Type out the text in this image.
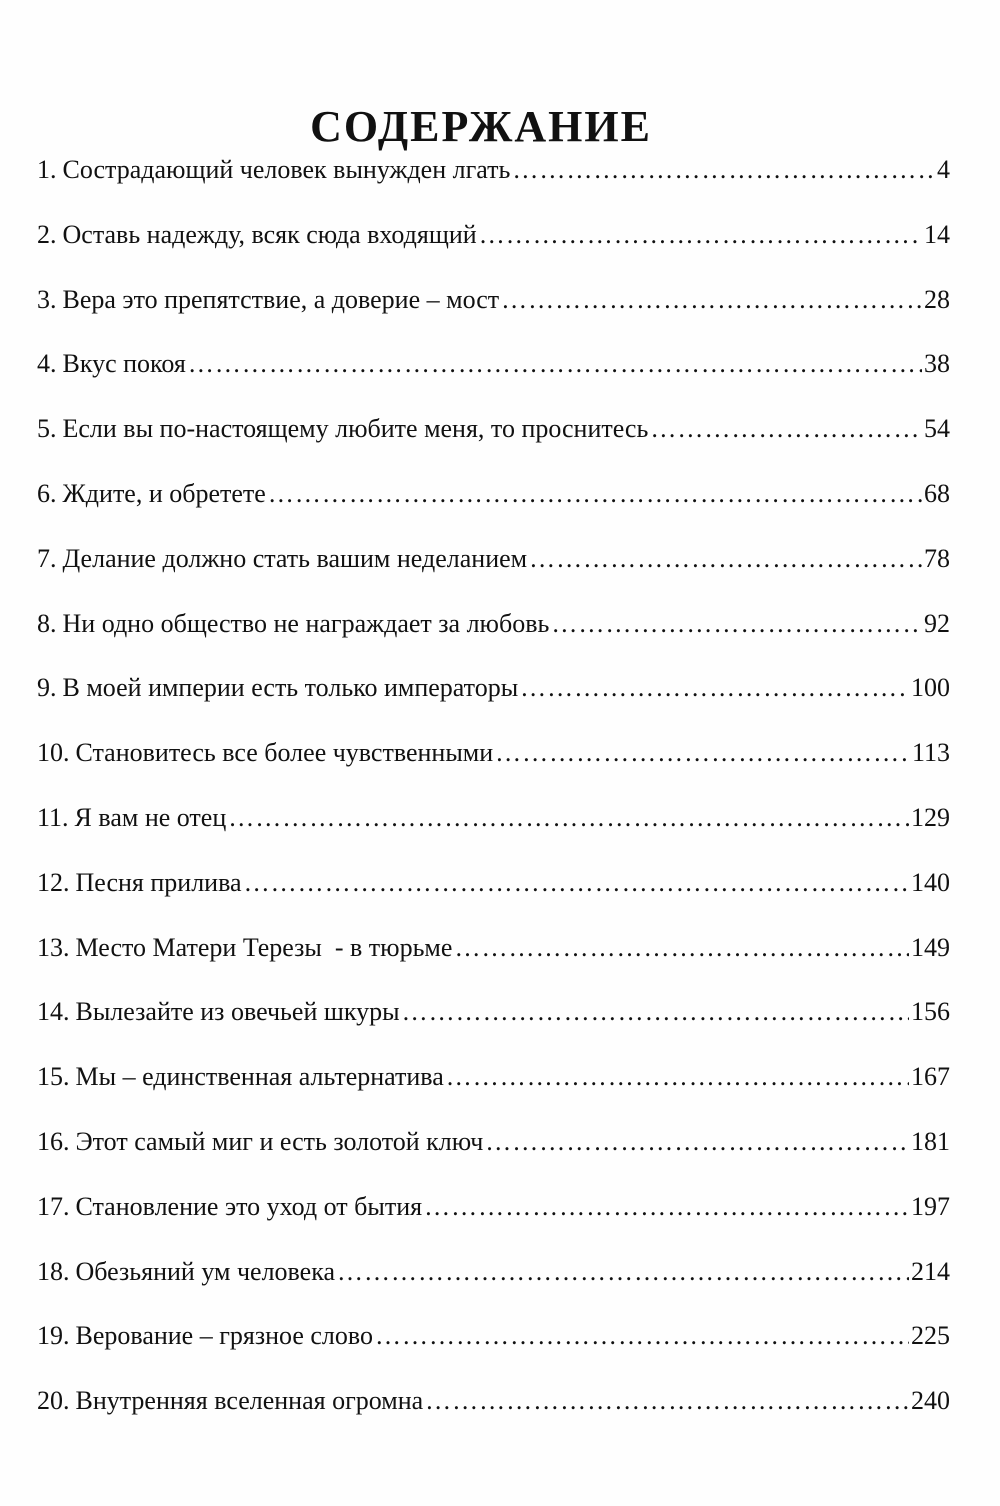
СОДЕРЖАНИЕ
1. Сострадающий человек вынужден лгать ………………………………………………………………………………………………………………………………………………	4
2. Оставь надежду, всяк сюда входящий ………………………………………………………………………………………………………………………………………………	14
3. Вера это препятствие, а доверие – мост ………………………………………………………………………………………………………………………………………………	28
4. Вкус покоя ………………………………………………………………………………………………………………………………………………	38
5. Если вы по-настоящему любите меня, то проснитесь ………………………………………………………………………………………………………………………………………………	54
6. Ждите, и обретете ………………………………………………………………………………………………………………………………………………	68
7. Делание должно стать вашим неделанием ………………………………………………………………………………………………………………………………………………	78
8. Ни одно общество не награждает за любовь ………………………………………………………………………………………………………………………………………………	92
9. В моей империи есть только императоры ………………………………………………………………………………………………………………………………………………	100
10. Становитесь все более чувственными ………………………………………………………………………………………………………………………………………………	113
11. Я вам не отец ………………………………………………………………………………………………………………………………………………	129
12. Песня прилива ………………………………………………………………………………………………………………………………………………	140
13. Место Матери Терезы  - в тюрьме ………………………………………………………………………………………………………………………………………………	149
14. Вылезайте из овечьей шкуры ………………………………………………………………………………………………………………………………………………	156
15. Мы – единственная альтернатива ………………………………………………………………………………………………………………………………………………	167
16. Этот самый миг и есть золотой ключ ………………………………………………………………………………………………………………………………………………	181
17. Становление это уход от бытия ………………………………………………………………………………………………………………………………………………	197
18. Обезьяний ум человека ………………………………………………………………………………………………………………………………………………	214
19. Верование – грязное слово ………………………………………………………………………………………………………………………………………………	225
20. Внутренняя вселенная огромна ………………………………………………………………………………………………………………………………………………	240
